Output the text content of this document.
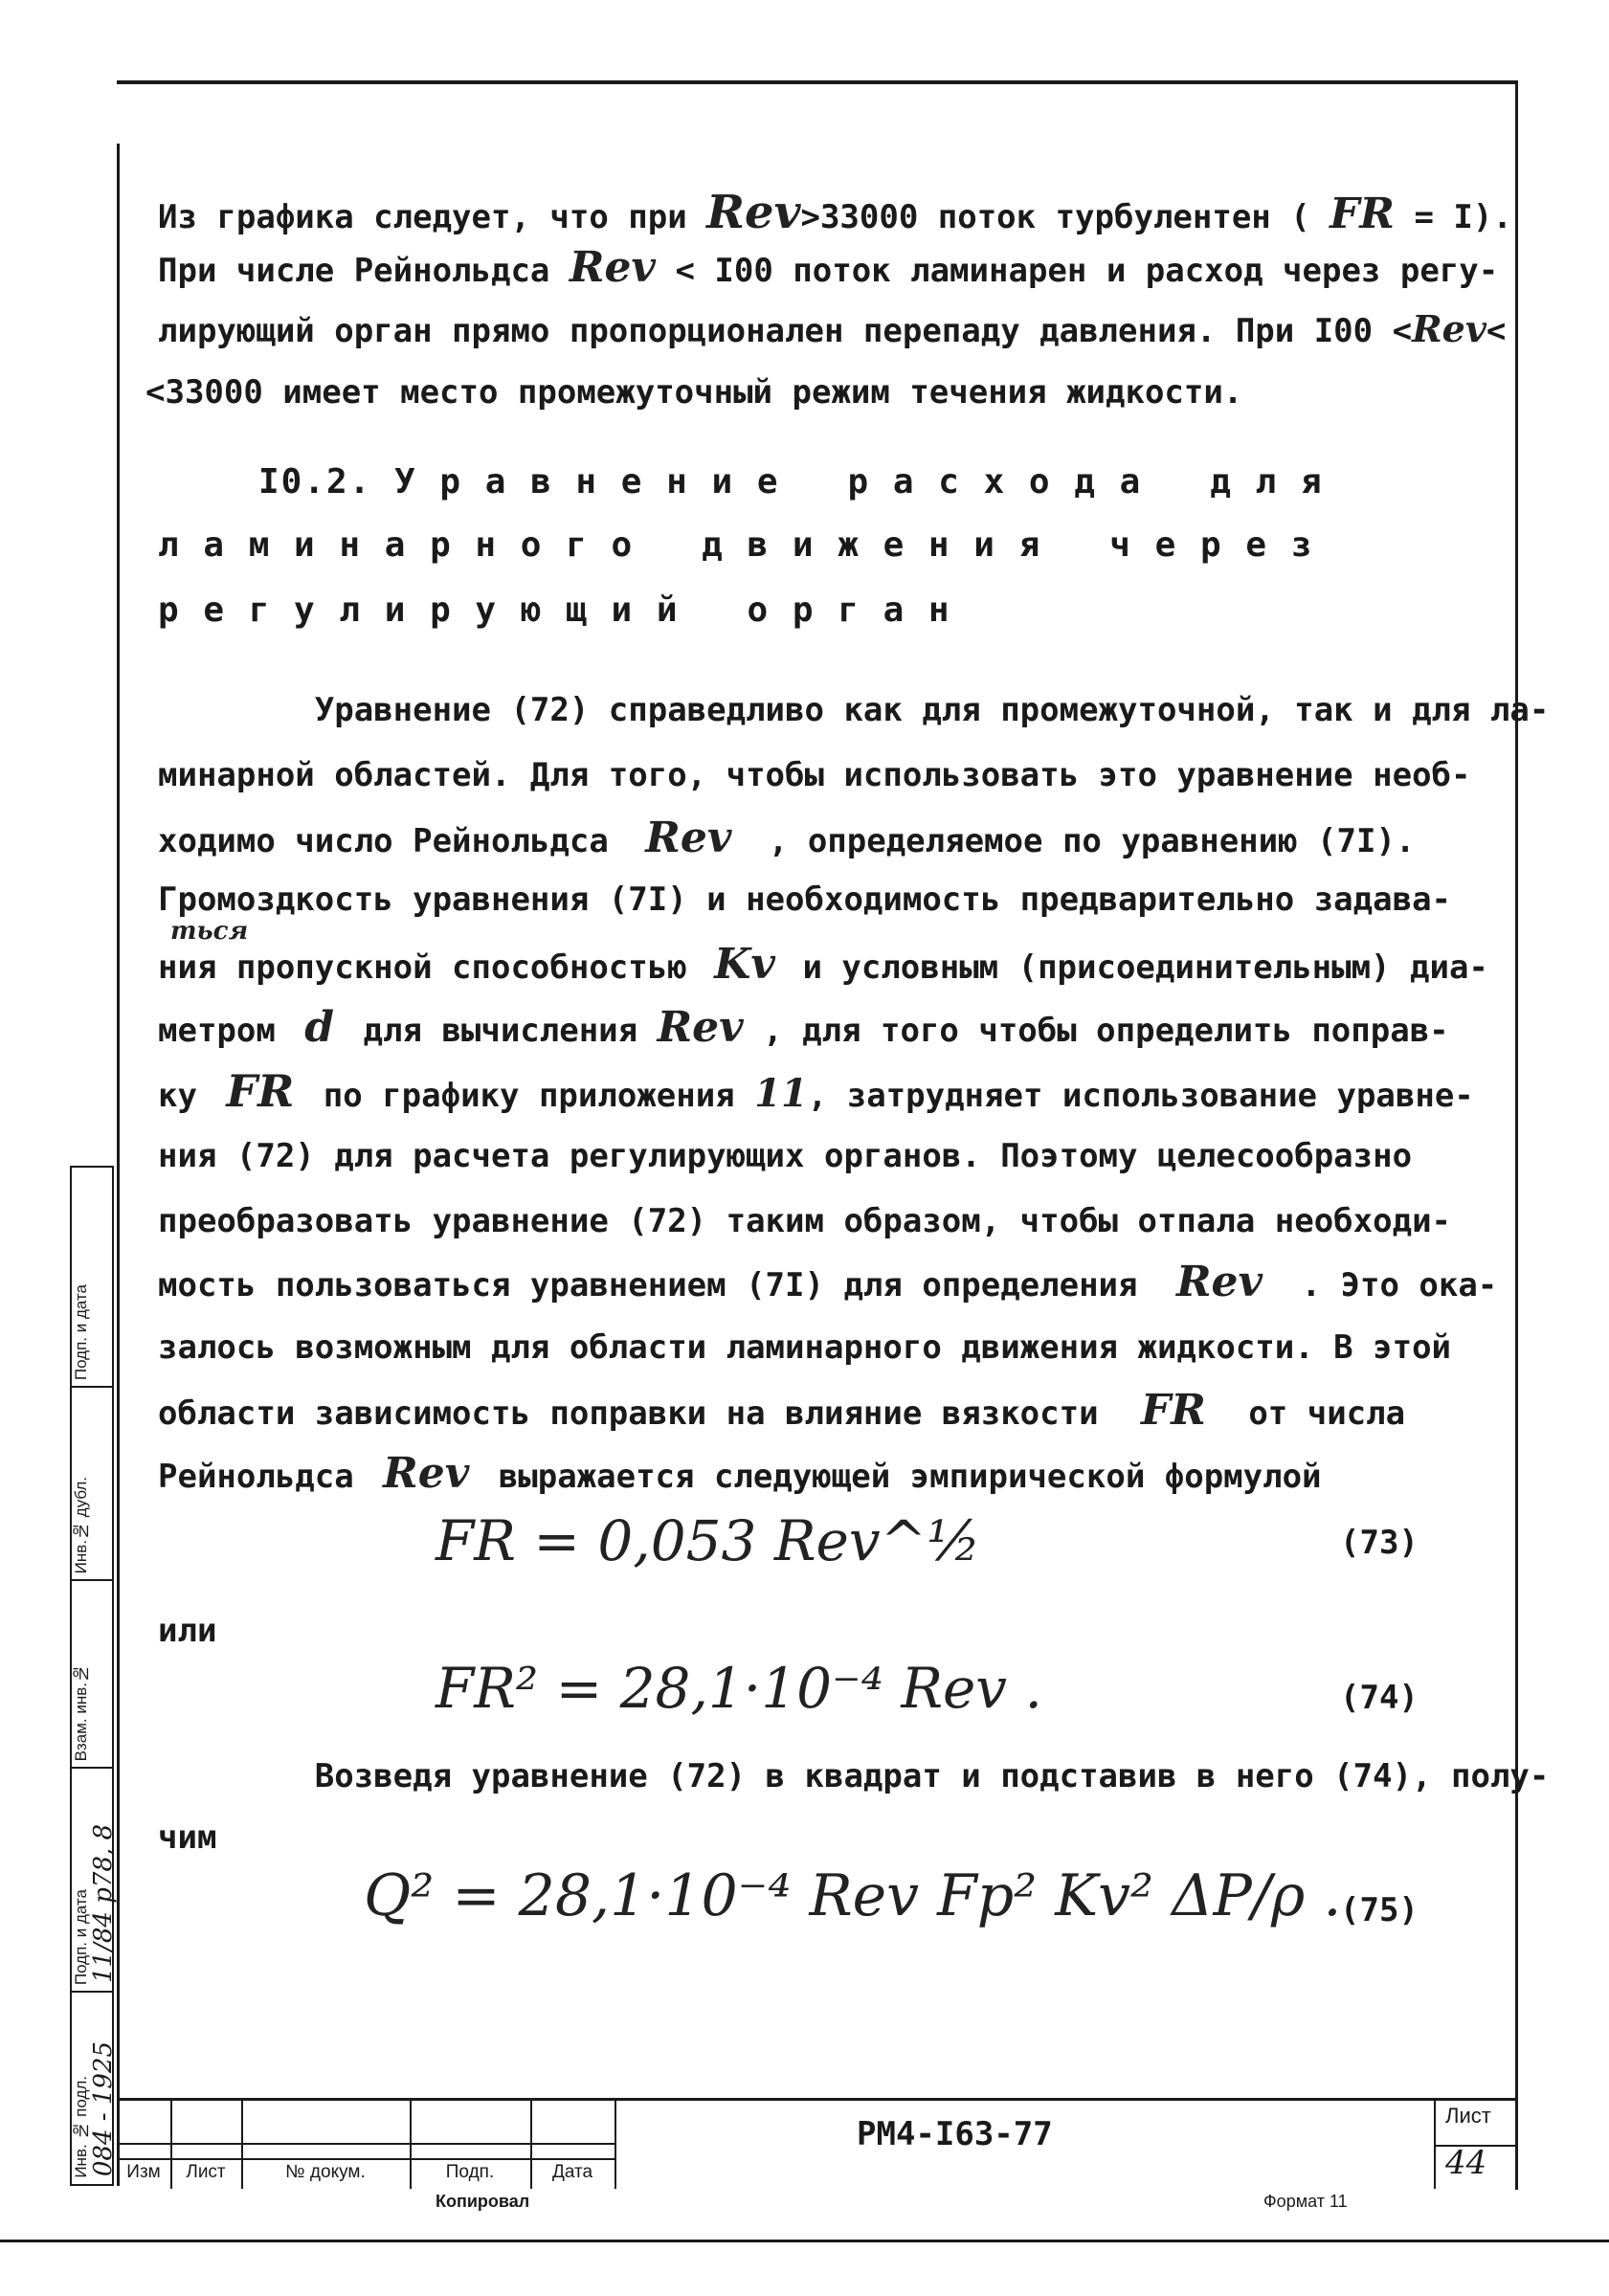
Из графика следует, что при Rev>33000 поток турбулентен ( FR = I).
При числе Рейнольдса Rev < I00 поток ламинарен и расход через регу-
лирующий орган прямо пропорционален перепаду давления. При I00 <Rev<
<33000 имеет место промежуточный режим течения жидкости.
I0.2. У р а в н е н и е   р а с х о д а   д л я
л а м и н а р н о г о   д в и ж е н и я   ч е р е з
р е г у л и р у ю щ и й   о р г а н
Уравнение (72) справедливо как для промежуточной, так и для ла-
минарной областей. Для того, чтобы использовать это уравнение необ-
ходимо число Рейнольдса Rev , определяемое по уравнению (7I).
Громоздкость уравнения (7I) и необходимость предварительно задава-
ться
ния пропускной способностью Kv и условным (присоединительным) диа-
метром d для вычисления Rev , для того чтобы определить поправ-
ку FR по графику приложения 11, затрудняет использование уравне-
ния (72) для расчета регулирующих органов. Поэтому целесообразно
преобразовать уравнение (72) таким образом, чтобы отпала необходи-
мость пользоваться уравнением (7I) для определения Rev . Это ока-
залось возможным для области ламинарного движения жидкости. В этой
области зависимость поправки на влияние вязкости FR от числа
Рейнольдса Rev выражается следующей эмпирической формулой
FR = 0,053 Rev^½	(73)
или
FR² = 28,1·10⁻⁴ Rev .	(74)
Возведя уравнение (72) в квадрат и подставив в него (74), полу-
чим
Q² = 28,1·10⁻⁴ Rev Fp² Kv² ΔP/ρ .
(75)
Подп. и дата
Инв.№ дубл.
Взам. инв.№
Подп. и дата 11/84 р78, 8
Инв. № подл. 084 - 1925 Изм	Лист	№ докум.	Подп.	Дата
РМ4-I63-77	Лист
44
Копировал	Формат 11
